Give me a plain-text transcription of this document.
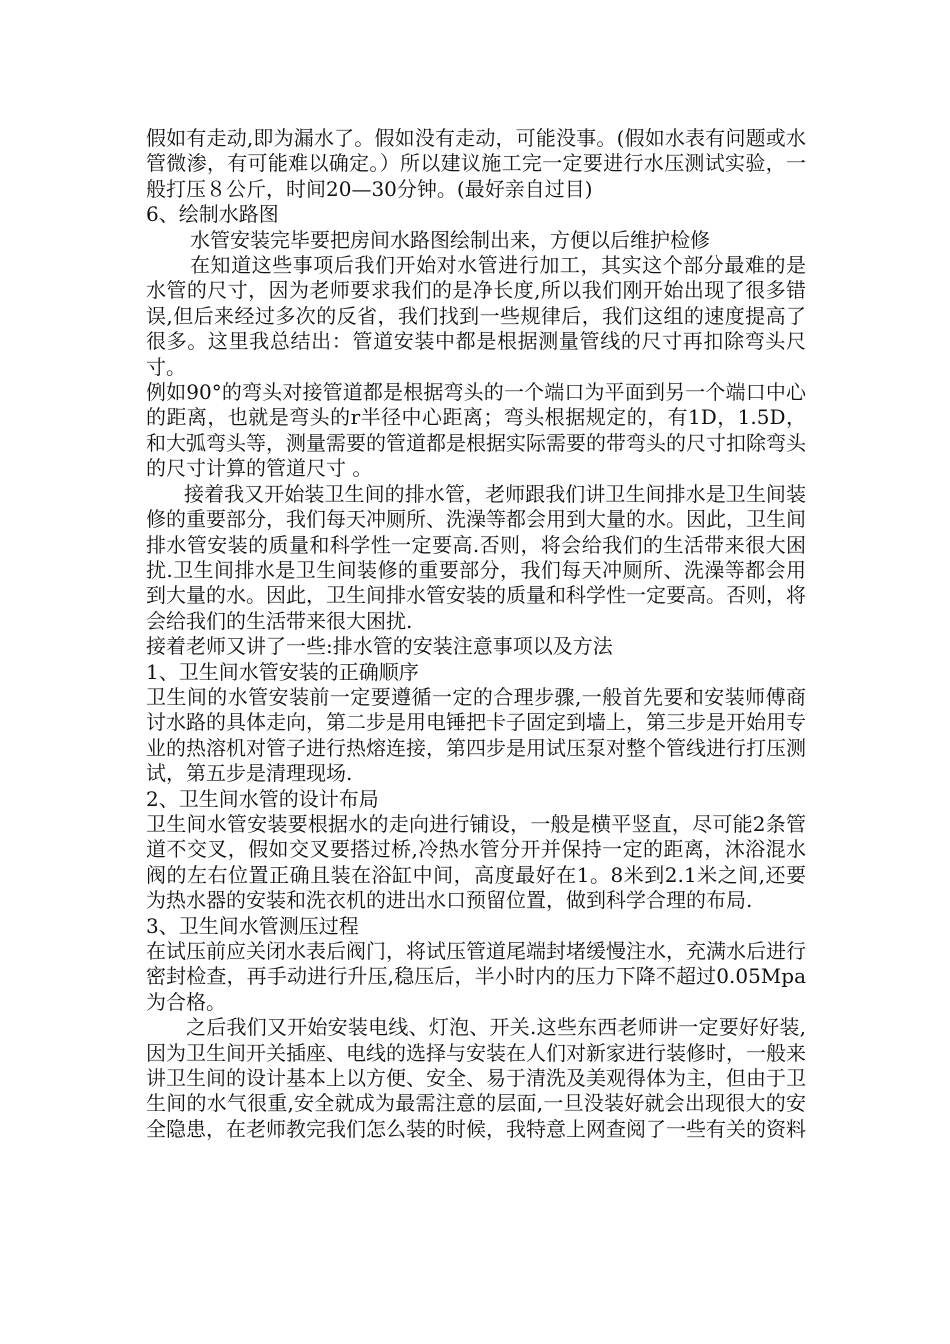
假如有走动,即为漏水了。假如没有走动，可能没事。(假如水表有问题或水管微渗，有可能难以确定。）所以建议施工完一定要进行水压测试实验，一般打压８公斤，时间20—30分钟。(最好亲自过目)

6、绘制水路图

水管安装完毕要把房间水路图绘制出来，方便以后维护检修

在知道这些事项后我们开始对水管进行加工，其实这个部分最难的是水管的尺寸，因为老师要求我们的是净长度,所以我们刚开始出现了很多错误,但后来经过多次的反省，我们找到一些规律后，我们这组的速度提高了很多。这里我总结出：管道安装中都是根据测量管线的尺寸再扣除弯头尺寸。

例如90°的弯头对接管道都是根据弯头的一个端口为平面到另一个端口中心的距离，也就是弯头的r半径中心距离；弯头根据规定的，有1D，1.5D，和大弧弯头等，测量需要的管道都是根据实际需要的带弯头的尺寸扣除弯头的尺寸计算的管道尺寸 。

接着我又开始装卫生间的排水管，老师跟我们讲卫生间排水是卫生间装修的重要部分，我们每天冲厕所、洗澡等都会用到大量的水。因此，卫生间排水管安装的质量和科学性一定要高.否则，将会给我们的生活带来很大困扰.卫生间排水是卫生间装修的重要部分，我们每天冲厕所、洗澡等都会用到大量的水。因此，卫生间排水管安装的质量和科学性一定要高。否则，将会给我们的生活带来很大困扰.

接着老师又讲了一些:排水管的安装注意事项以及方法

1、卫生间水管安装的正确顺序

卫生间的水管安装前一定要遵循一定的合理步骤,一般首先要和安装师傅商讨水路的具体走向，第二步是用电锤把卡子固定到墙上，第三步是开始用专业的热溶机对管子进行热熔连接，第四步是用试压泵对整个管线进行打压测试，第五步是清理现场.

2、卫生间水管的设计布局

卫生间水管安装要根据水的走向进行铺设，一般是横平竖直，尽可能2条管道不交叉，假如交叉要搭过桥,冷热水管分开并保持一定的距离，沐浴混水阀的左右位置正确且装在浴缸中间，高度最好在1。8米到2.1米之间,还要为热水器的安装和洗衣机的进出水口预留位置，做到科学合理的布局.

3、卫生间水管测压过程

在试压前应关闭水表后阀门，将试压管道尾端封堵缓慢注水，充满水后进行密封检查，再手动进行升压,稳压后，半小时内的压力下降不超过0.05Mpa为合格。

之后我们又开始安装电线、灯泡、开关.这些东西老师讲一定要好好装,因为卫生间开关插座、电线的选择与安装在人们对新家进行装修时，一般来讲卫生间的设计基本上以方便、安全、易于清洗及美观得体为主，但由于卫生间的水气很重,安全就成为最需注意的层面,一旦没装好就会出现很大的安全隐患，在老师教完我们怎么装的时候，我特意上网查阅了一些有关的资料
